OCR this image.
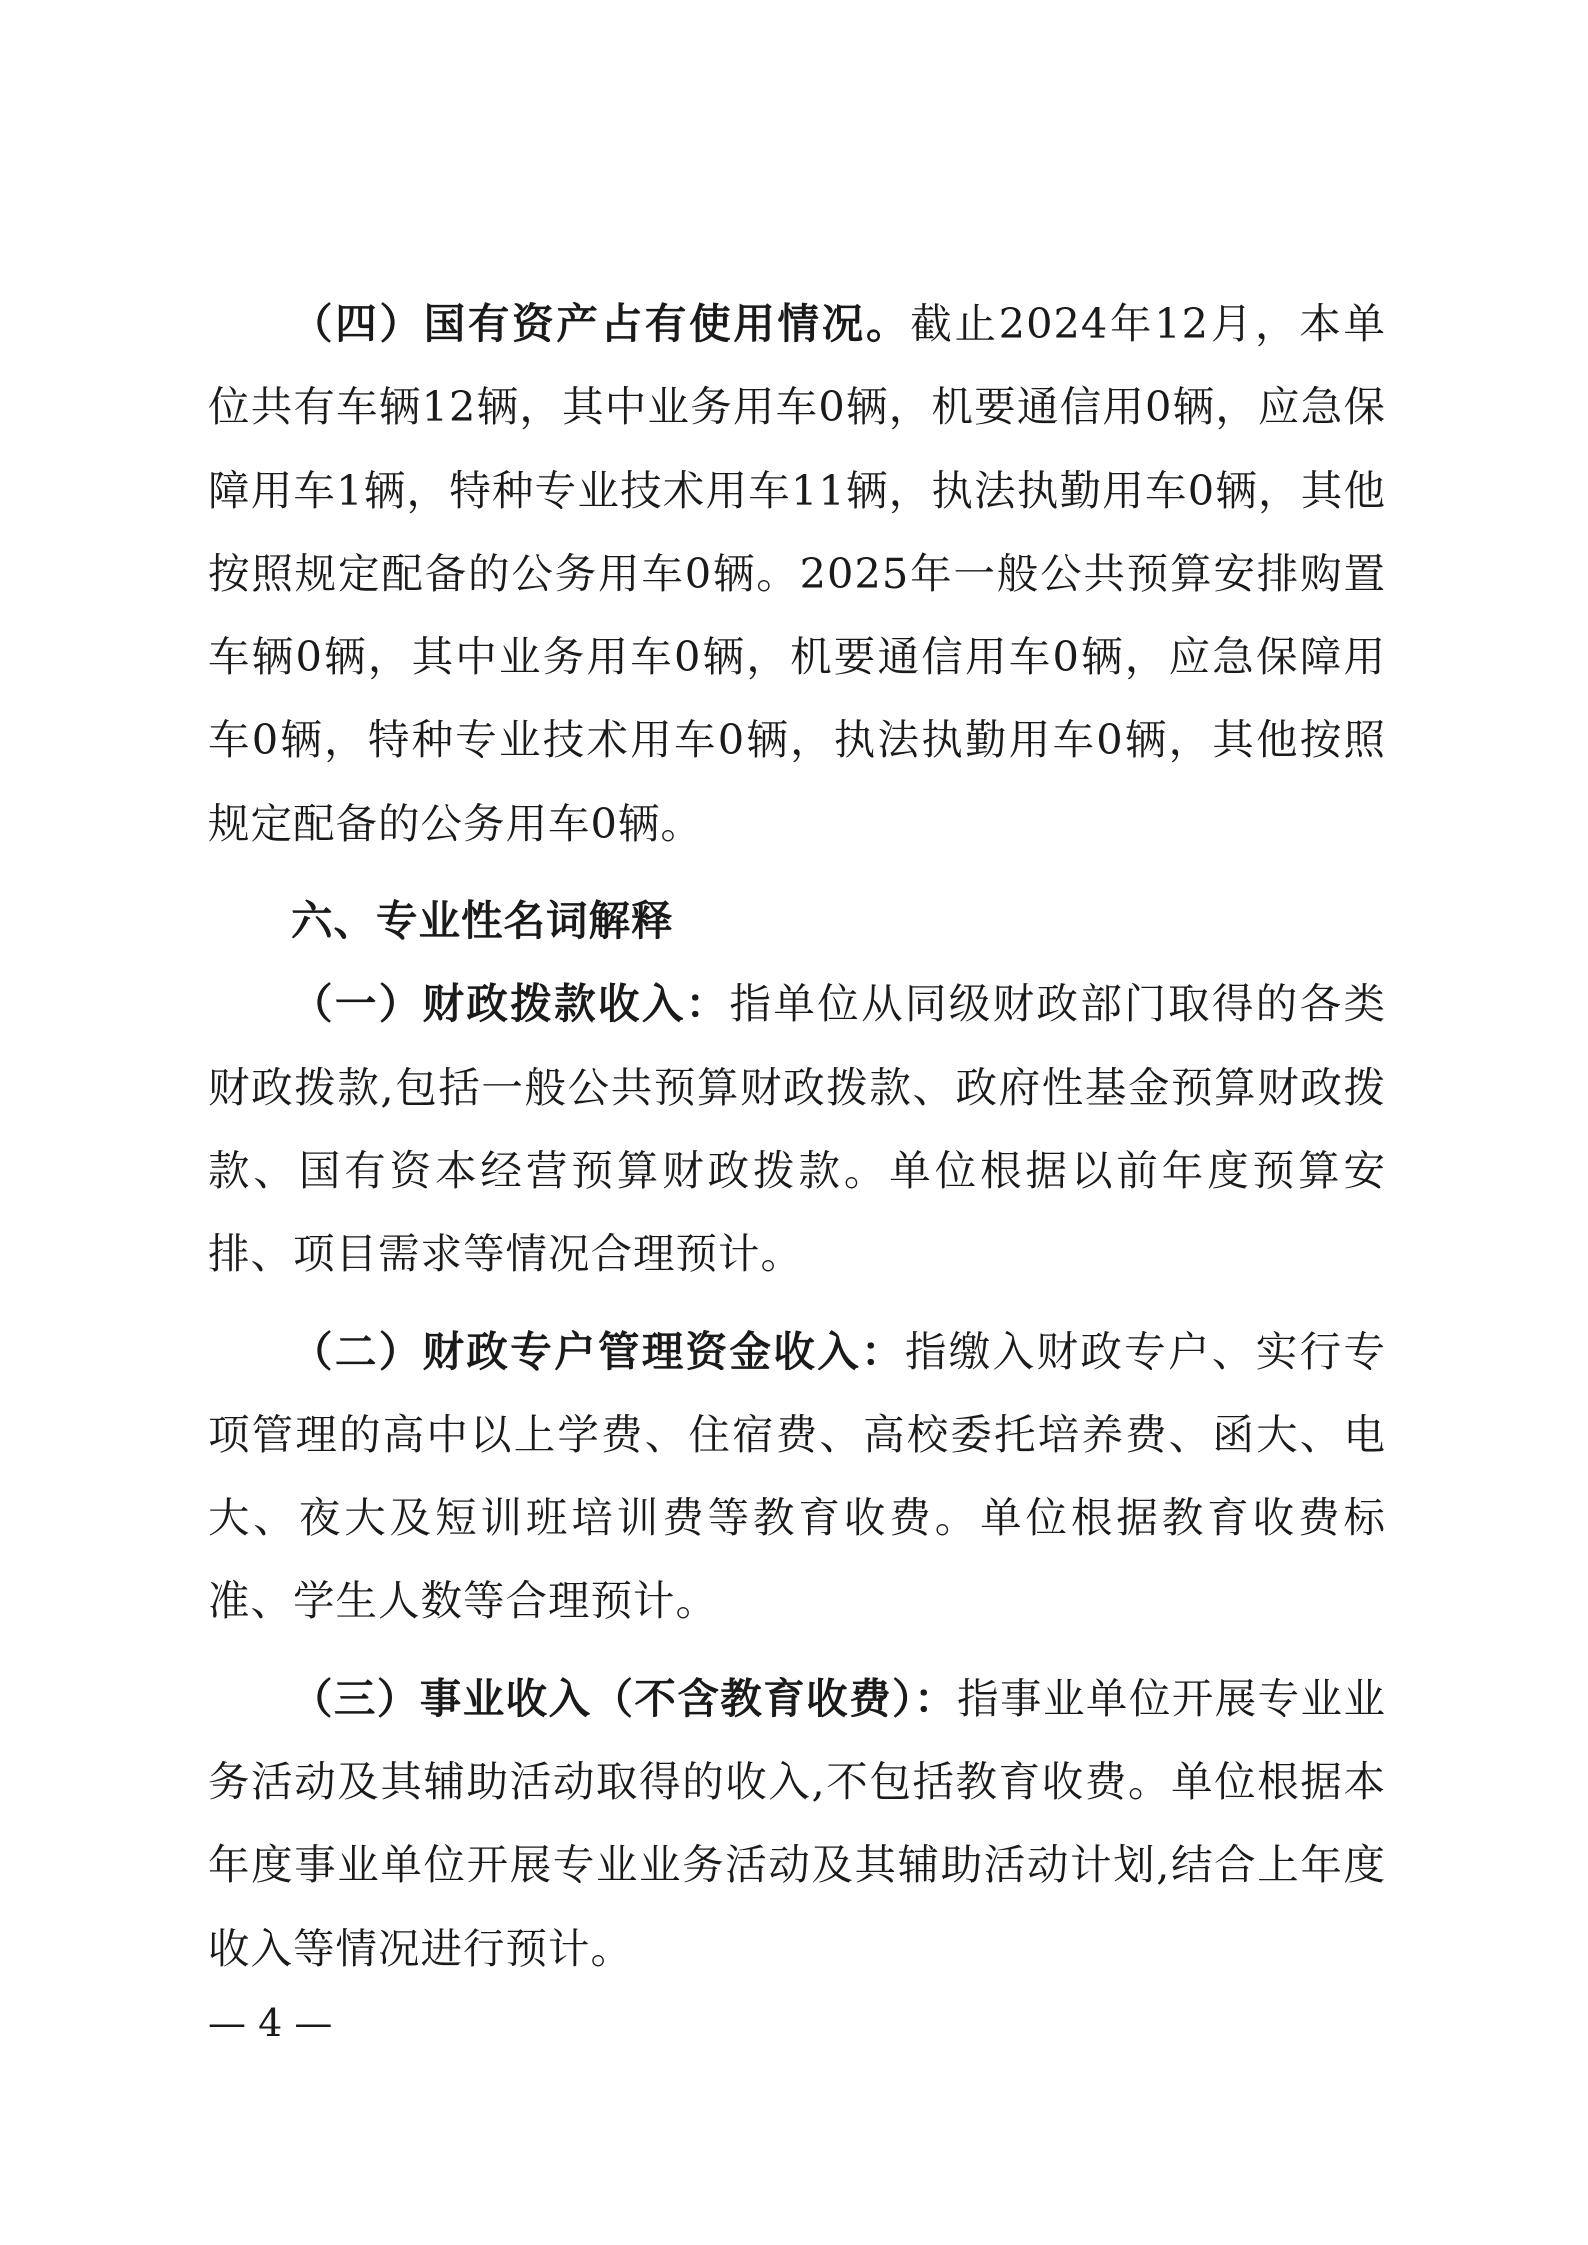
（四）国有资产占有使用情况。截止2024年12月，本单位共有车辆12辆，其中业务用车0辆，机要通信用0辆，应急保障用车1辆，特种专业技术用车11辆，执法执勤用车0辆，其他按照规定配备的公务用车0辆。2025年一般公共预算安排购置车辆0辆，其中业务用车0辆，机要通信用车0辆，应急保障用车0辆，特种专业技术用车0辆，执法执勤用车0辆，其他按照规定配备的公务用车0辆。

六、专业性名词解释

（一）财政拨款收入：指单位从同级财政部门取得的各类财政拨款,包括一般公共预算财政拨款、政府性基金预算财政拨款、国有资本经营预算财政拨款。单位根据以前年度预算安排、项目需求等情况合理预计。

（二）财政专户管理资金收入：指缴入财政专户、实行专项管理的高中以上学费、住宿费、高校委托培养费、函大、电大、夜大及短训班培训费等教育收费。单位根据教育收费标准、学生人数等合理预计。

（三）事业收入（不含教育收费）：指事业单位开展专业业务活动及其辅助活动取得的收入,不包括教育收费。单位根据本年度事业单位开展专业业务活动及其辅助活动计划,结合上年度收入等情况进行预计。

— 4 —
